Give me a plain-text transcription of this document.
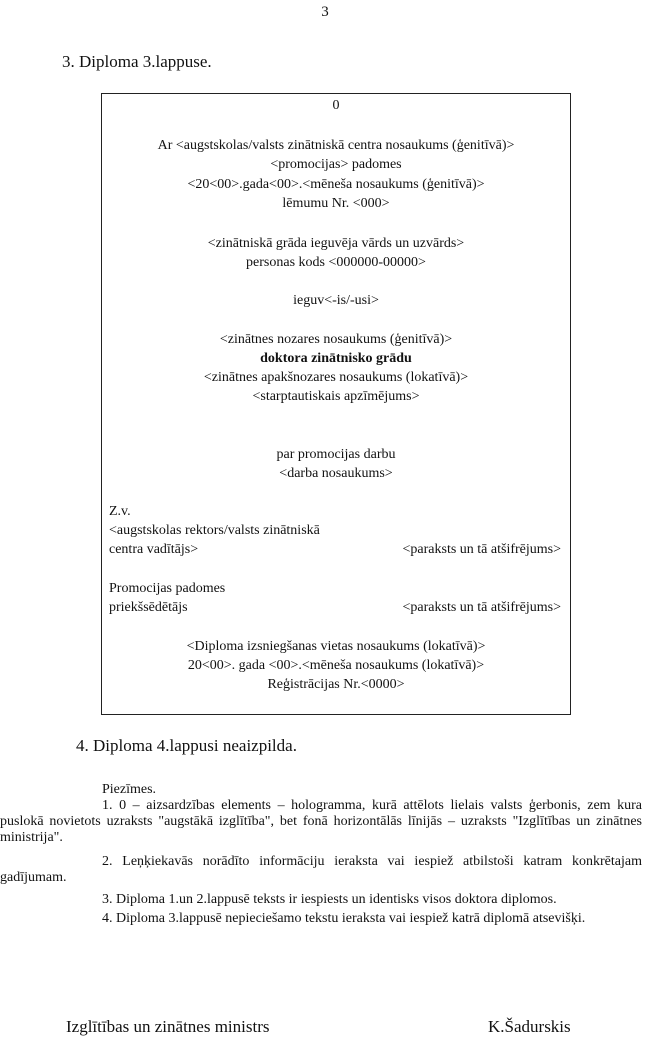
3
3. Diploma 3.lappuse.
0
Ar <augstskolas/valsts zinātniskā centra nosaukums (ģenitīvā)>
<promocijas> padomes
<20<00>.gada<00>.<mēneša nosaukums (ģenitīvā)>
lēmumu Nr. <000>
<zinātniskā grāda ieguvēja vārds un uzvārds>
personas kods <000000-00000>
ieguv<-is/-usi>
<zinātnes nozares nosaukums (ģenitīvā)>
doktora zinātnisko grādu
<zinātnes apakšnozares nosaukums (lokatīvā)>
<starptautiskais apzīmējums>
par promocijas darbu
<darba nosaukums>
Z.v.
<augstskolas rektors/valsts zinātniskā
centra vadītājs>	<paraksts un tā atšifrējums>
Promocijas padomes
priekšsēdētājs	<paraksts un tā atšifrējums>
<Diploma izsniegšanas vietas nosaukums (lokatīvā)>
20<00>. gada <00>.<mēneša nosaukums (lokatīvā)>
Reģistrācijas Nr.<0000>
4. Diploma 4.lappusi neaizpilda.
Piezīmes.

1. 0 – aizsardzības elements – hologramma, kurā attēlots lielais valsts ģerbonis, zem kura puslokā novietots uzraksts "augstākā izglītība", bet fonā horizontālās līnijās – uzraksts "Izglītības un zinātnes ministrija".

2. Leņķiekavās norādīto informāciju ieraksta vai iespiež atbilstoši katram konkrētajam gadījumam.

3. Diploma 1.un 2.lappusē teksts ir iespiests un identisks visos doktora diplomos.

4. Diploma 3.lappusē nepieciešamo tekstu ieraksta vai iespiež katrā diplomā atsevišķi.

Izglītības un zinātnes ministrs	K.Šadurskis
